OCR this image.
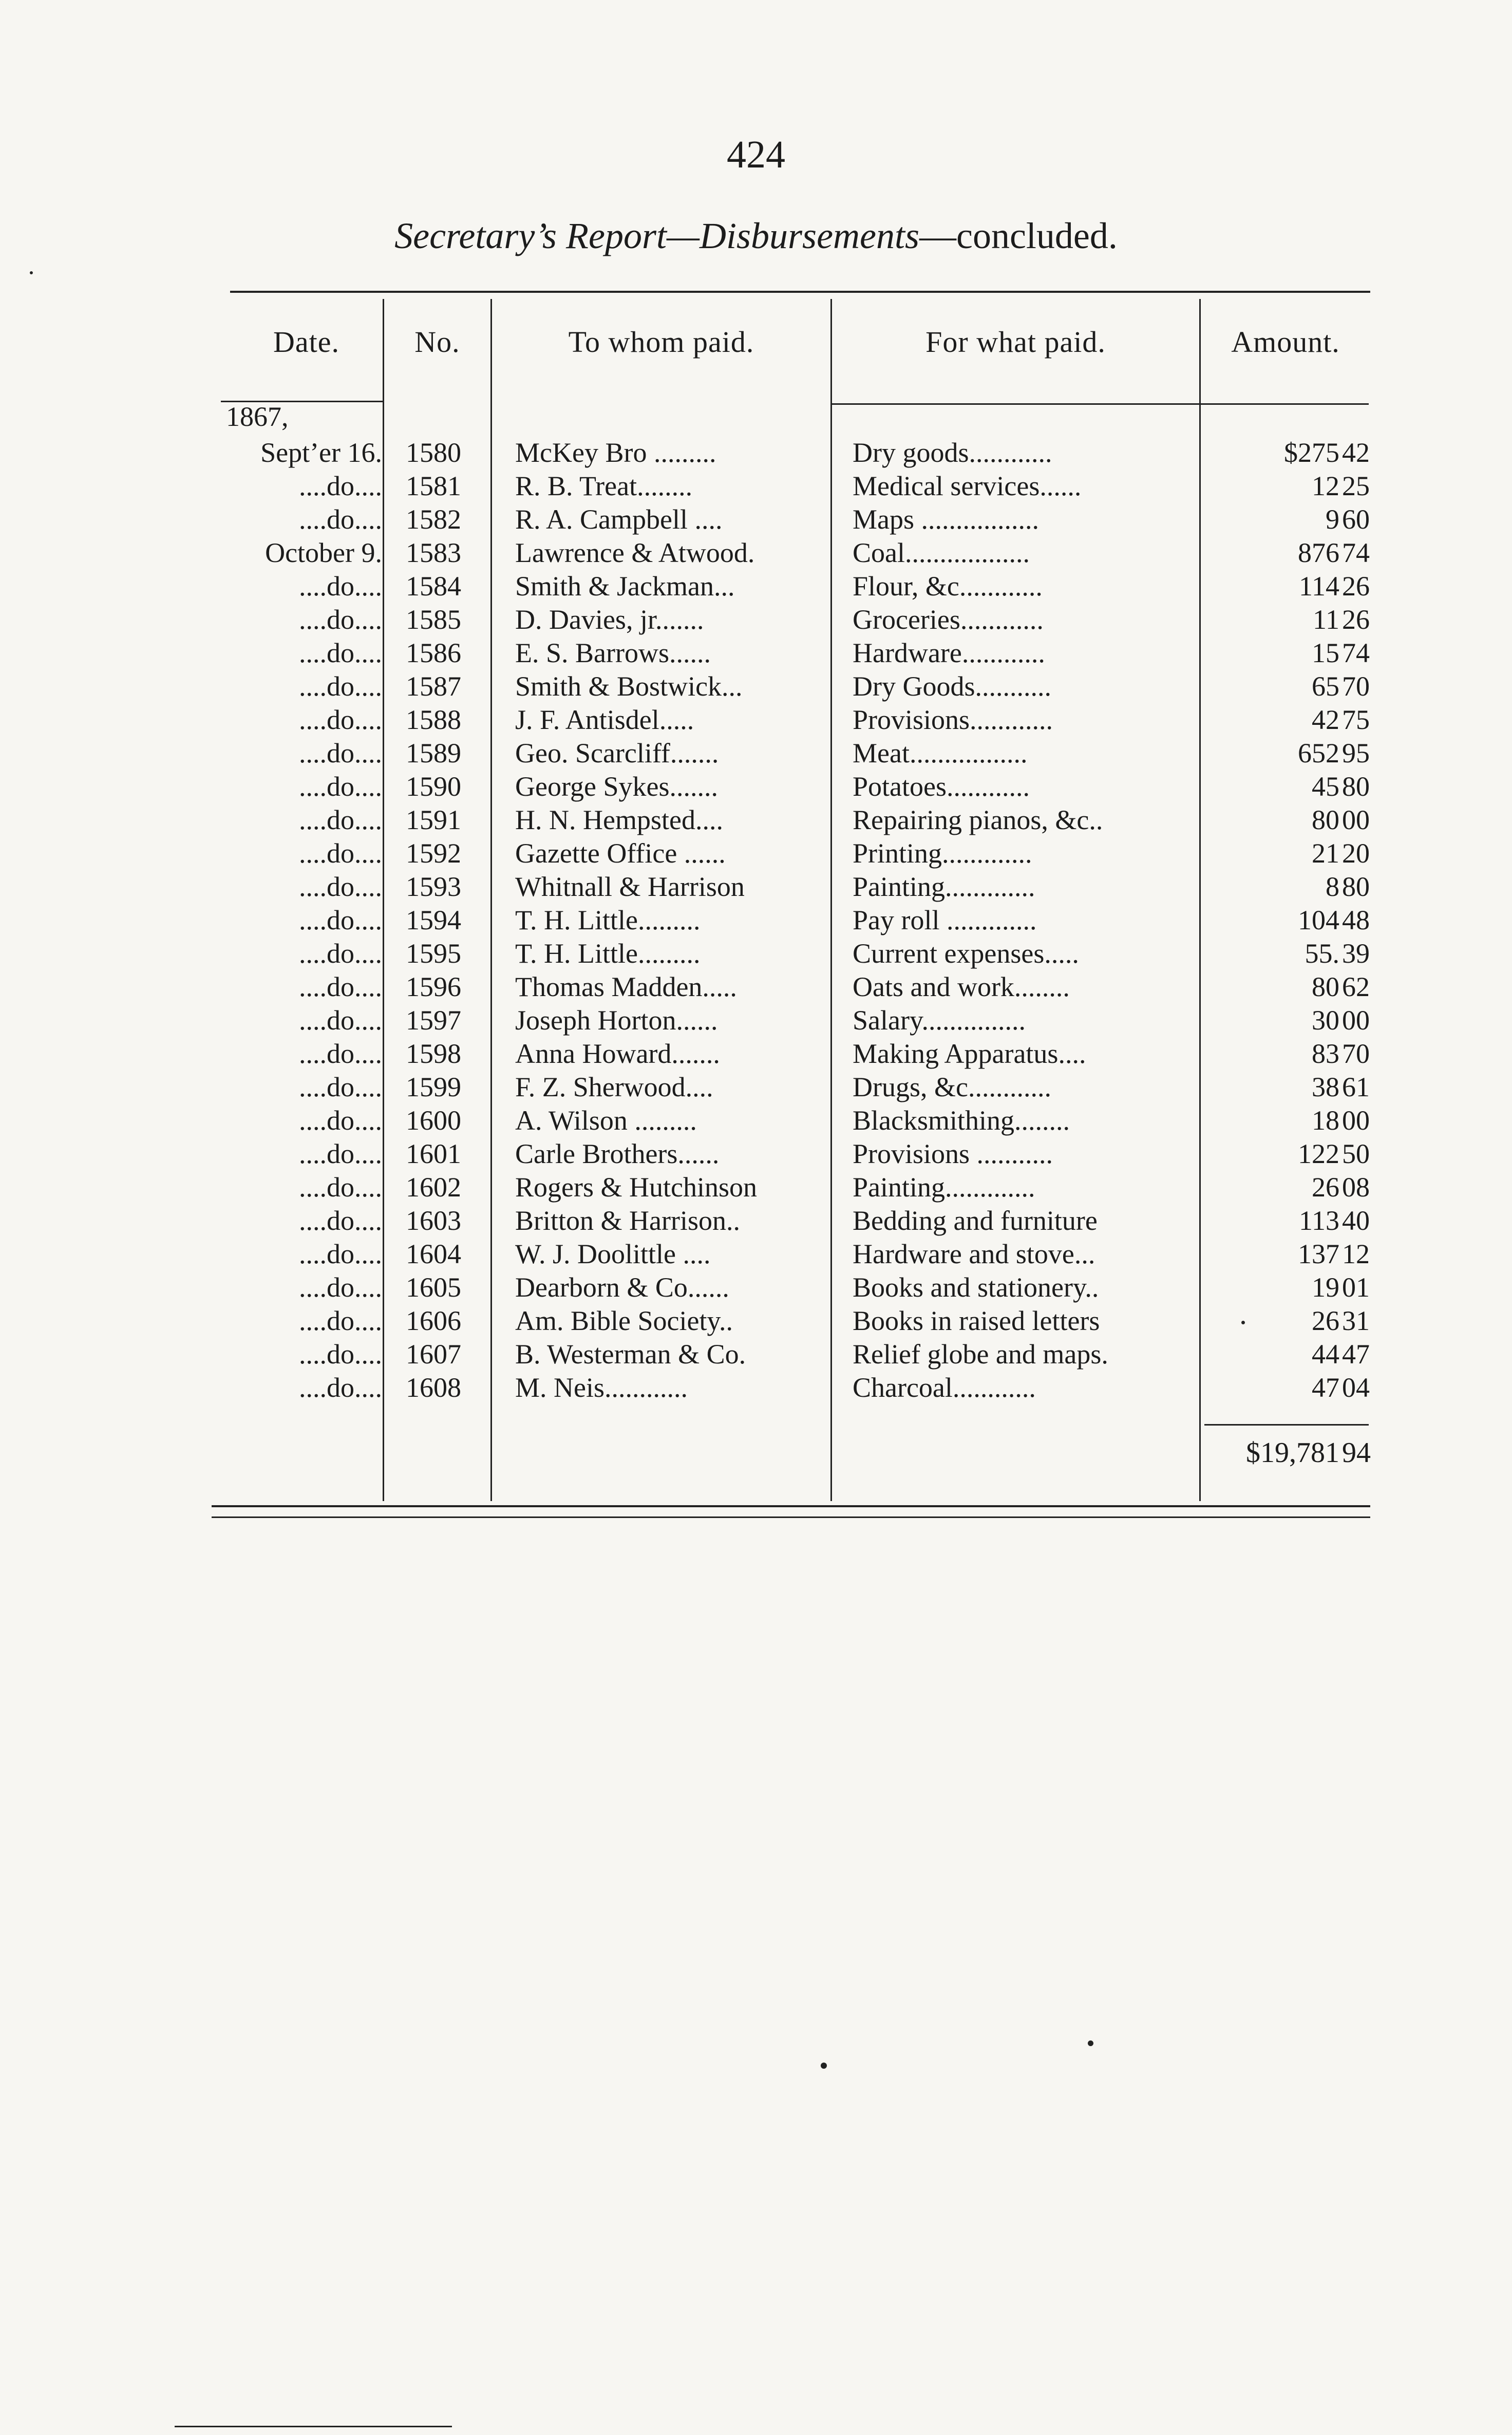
424
Secretary’s Report—Disbursements—concluded.
Date.	No.	To whom paid.	For what paid.	Amount.
1867,
Sept’er 16. 1580 McKey Bro .........	Dry goods............	$275 42
....do.... 1581 R. B. Treat........	Medical services......	12 25
....do.... 1582 R. A. Campbell ....	Maps .................	9 60
October 9. 1583 Lawrence & Atwood.	Coal..................	876 74
....do.... 1584 Smith & Jackman...	Flour, &c............	114 26
....do.... 1585 D. Davies, jr.......	Groceries............	11 26
....do.... 1586 E. S. Barrows......	Hardware............	15 74
....do.... 1587 Smith & Bostwick...	Dry Goods...........	65 70
....do.... 1588 J. F. Antisdel.....	Provisions............	42 75
....do.... 1589 Geo. Scarcliff.......	Meat.................	652 95
....do.... 1590 George Sykes.......	Potatoes............	45 80
....do.... 1591 H. N. Hempsted....	Repairing pianos, &c..	80 00
....do.... 1592 Gazette Office ......	Printing.............	21 20
....do.... 1593 Whitnall & Harrison	Painting.............	8 80
....do.... 1594 T. H. Little.........	Pay roll .............	104 48
....do.... 1595 T. H. Little.........	Current expenses.....	55. 39
....do.... 1596 Thomas Madden.....	Oats and work........	80 62
....do.... 1597 Joseph Horton......	Salary...............	30 00
....do.... 1598 Anna Howard.......	Making Apparatus....	83 70
....do.... 1599 F. Z. Sherwood....	Drugs, &c............	38 61
....do.... 1600 A. Wilson .........	Blacksmithing........	18 00
....do.... 1601 Carle Brothers......	Provisions ...........	122 50
....do.... 1602 Rogers & Hutchinson	Painting.............	26 08
....do.... 1603 Britton & Harrison..	Bedding and furniture	113 40
....do.... 1604 W. J. Doolittle ....	Hardware and stove...	137 12
....do.... 1605 Dearborn & Co......	Books and stationery..	19 01
....do.... 1606 Am. Bible Society..	Books in raised letters	26 31
....do.... 1607 B. Westerman & Co.	Relief globe and maps.	44 47
....do.... 1608 M. Neis............	Charcoal............	47 04
$19,781 94
